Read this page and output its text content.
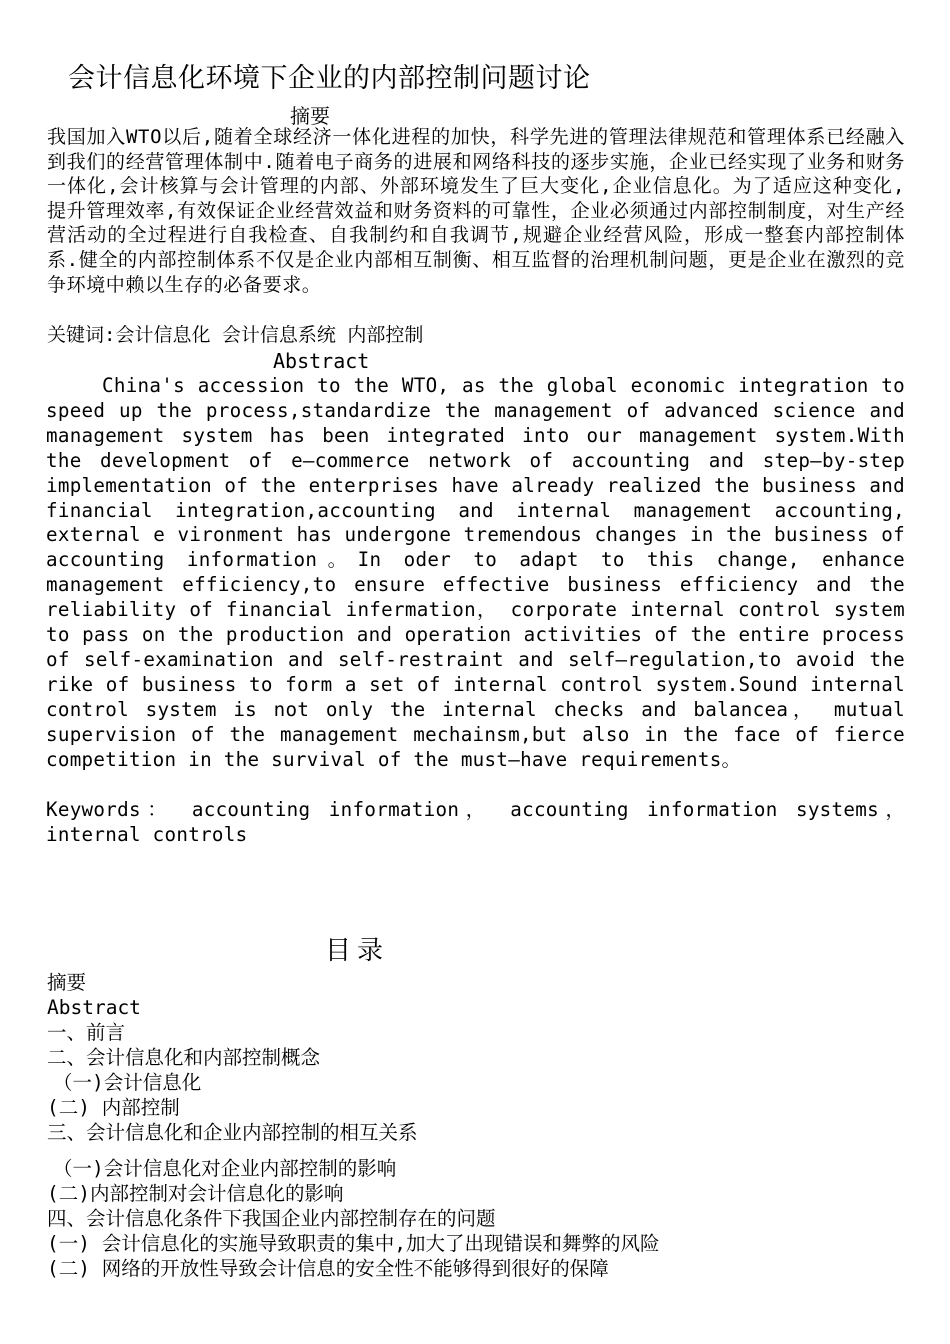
会计信息化环境下企业的内部控制问题讨论
摘要
我国加入WTO以后,随着全球经济一体化进程的加快，科学先进的管理法律规范和管理体系已经融入到我们的经营管理体制中.随着电子商务的进展和网络科技的逐步实施，企业已经实现了业务和财务一体化,会计核算与会计管理的内部、外部环境发生了巨大变化,企业信息化。为了适应这种变化,提升管理效率,有效保证企业经营效益和财务资料的可靠性，企业必须通过内部控制制度，对生产经营活动的全过程进行自我检查、自我制约和自我调节,规避企业经营风险，形成一整套内部控制体系.健全的内部控制体系不仅是企业内部相互制衡、相互监督的治理机制问题，更是企业在激烈的竞争环境中赖以生存的必备要求。
关键词:会计信息化 会计信息系统 内部控制
Abstract
China's accession to the WTO, as the global economic integration to speed up the process,standardize the management of advanced science and management system has been integrated into our management system.With the development of e—commerce network of accounting and step—by-step implementation of the enterprises have already realized the business and financial integration,accounting and internal management accounting, external e vironment has undergone tremendous changes in the business of accounting information。In oder to adapt to this change, enhance management efficiency,to ensure effective business efficiency and the reliability of financial infermation， corporate internal control system to pass on the production and operation activities of the entire process of self-examination and self-restraint and self—regulation,to avoid the rike of business to form a set of internal control system.Sound internal control system is not only the internal checks and balancea， mutual supervision of the management mechainsm,but also in the face of fierce competition in the survival of the must—have requirements。
Keywords： accounting information， accounting information systems， internal controls
目录
摘要
Abstract
一、前言
二、会计信息化和内部控制概念
（一)会计信息化
(二) 内部控制
三、会计信息化和企业内部控制的相互关系
（一)会计信息化对企业内部控制的影响
(二)内部控制对会计信息化的影响
四、会计信息化条件下我国企业内部控制存在的问题
(一) 会计信息化的实施导致职责的集中,加大了出现错误和舞弊的风险
(二) 网络的开放性导致会计信息的安全性不能够得到很好的保障
